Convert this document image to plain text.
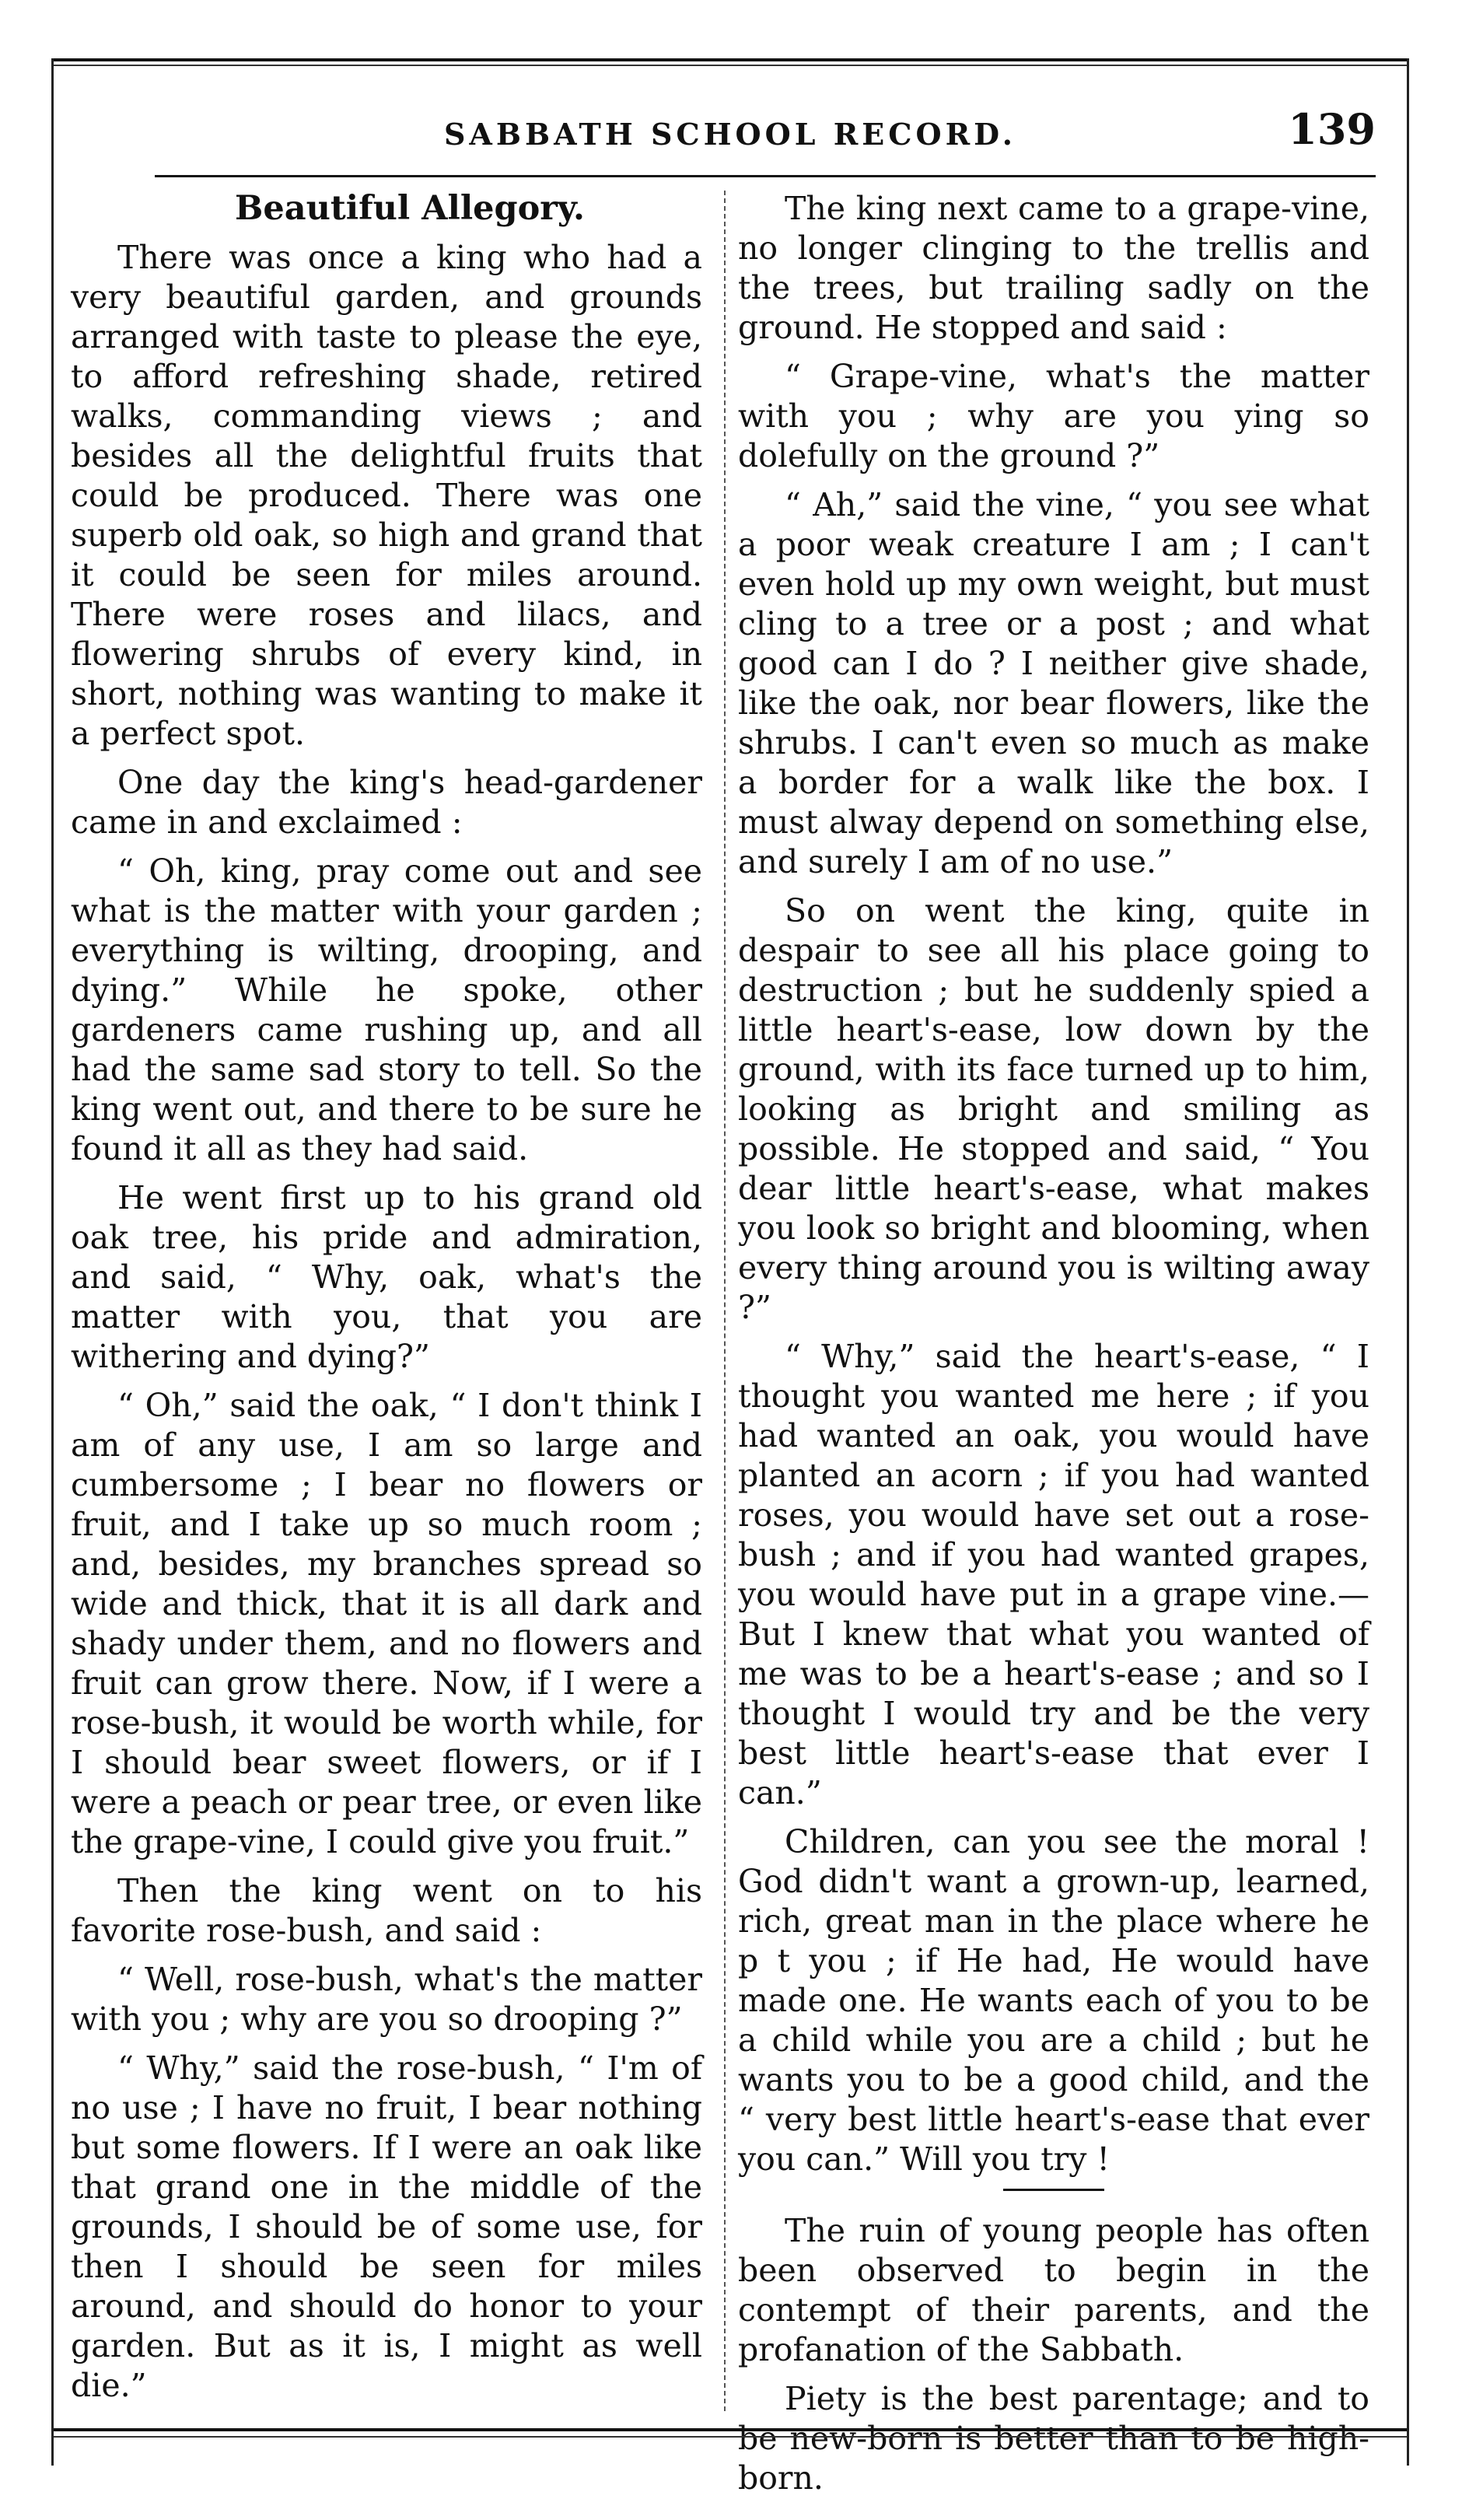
SABBATH SCHOOL RECORD.	139

Beautiful Allegory.

There was once a king who had a very beautiful garden, and grounds arranged with taste to please the eye, to afford refreshing shade, retired walks, commanding views ; and besides all the delightful fruits that could be produced. There was one superb old oak, so high and grand that it could be seen for miles around. There were roses and lilacs, and flowering shrubs of every kind, in short, nothing was wanting to make it a perfect spot.

One day the king's head-gardener came in and exclaimed :

“ Oh, king, pray come out and see what is the matter with your garden ; everything is wilting, drooping, and dying.” While he spoke, other gardeners came rushing up, and all had the same sad story to tell. So the king went out, and there to be sure he found it all as they had said.

He went first up to his grand old oak tree, his pride and admiration, and said, “ Why, oak, what's the matter with you, that you are withering and dying?”

“ Oh,” said the oak, “ I don't think I am of any use, I am so large and cumbersome ; I bear no flowers or fruit, and I take up so much room ; and, besides, my branches spread so wide and thick, that it is all dark and shady under them, and no flowers and fruit can grow there. Now, if I were a rose-bush, it would be worth while, for I should bear sweet flowers, or if I were a peach or pear tree, or even like the grape-vine, I could give you fruit.”

Then the king went on to his favorite rose-bush, and said :

“ Well, rose-bush, what's the matter with you ; why are you so drooping ?”

“ Why,” said the rose-bush, “ I'm of no use ; I have no fruit, I bear nothing but some flowers. If I were an oak like that grand one in the middle of the grounds, I should be of some use, for then I should be seen for miles around, and should do honor to your garden. But as it is, I might as well die.”

The king next came to a grape-vine, no longer clinging to the trellis and the trees, but trailing sadly on the ground. He stopped and said :

“ Grape-vine, what's the matter with you ; why are you ying so dolefully on the ground ?”

“ Ah,” said the vine, “ you see what a poor weak creature I am ; I can't even hold up my own weight, but must cling to a tree or a post ; and what good can I do ? I neither give shade, like the oak, nor bear flowers, like the shrubs. I can't even so much as make a border for a walk like the box. I must alway depend on something else, and surely I am of no use.”

So on went the king, quite in despair to see all his place going to destruction ; but he suddenly spied a little heart's-ease, low down by the ground, with its face turned up to him, looking as bright and smiling as possible. He stopped and said, “ You dear little heart's-ease, what makes you look so bright and blooming, when every thing around you is wilting away ?”

“ Why,” said the heart's-ease, “ I thought you wanted me here ; if you had wanted an oak, you would have planted an acorn ; if you had wanted roses, you would have set out a rose-bush ; and if you had wanted grapes, you would have put in a grape vine.— But I knew that what you wanted of me was to be a heart's-ease ; and so I thought I would try and be the very best little heart's-ease that ever I can.”

Children, can you see the moral ! God didn't want a grown-up, learned, rich, great man in the place where he p t you ; if He had, He would have made one. He wants each of you to be a child while you are a child ; but he wants you to be a good child, and the “ very best little heart's-ease that ever you can.” Will you try !

The ruin of young people has often been observed to begin in the contempt of their parents, and the profanation of the Sabbath.

Piety is the best parentage; and to be new-born is better than to be high-born.
